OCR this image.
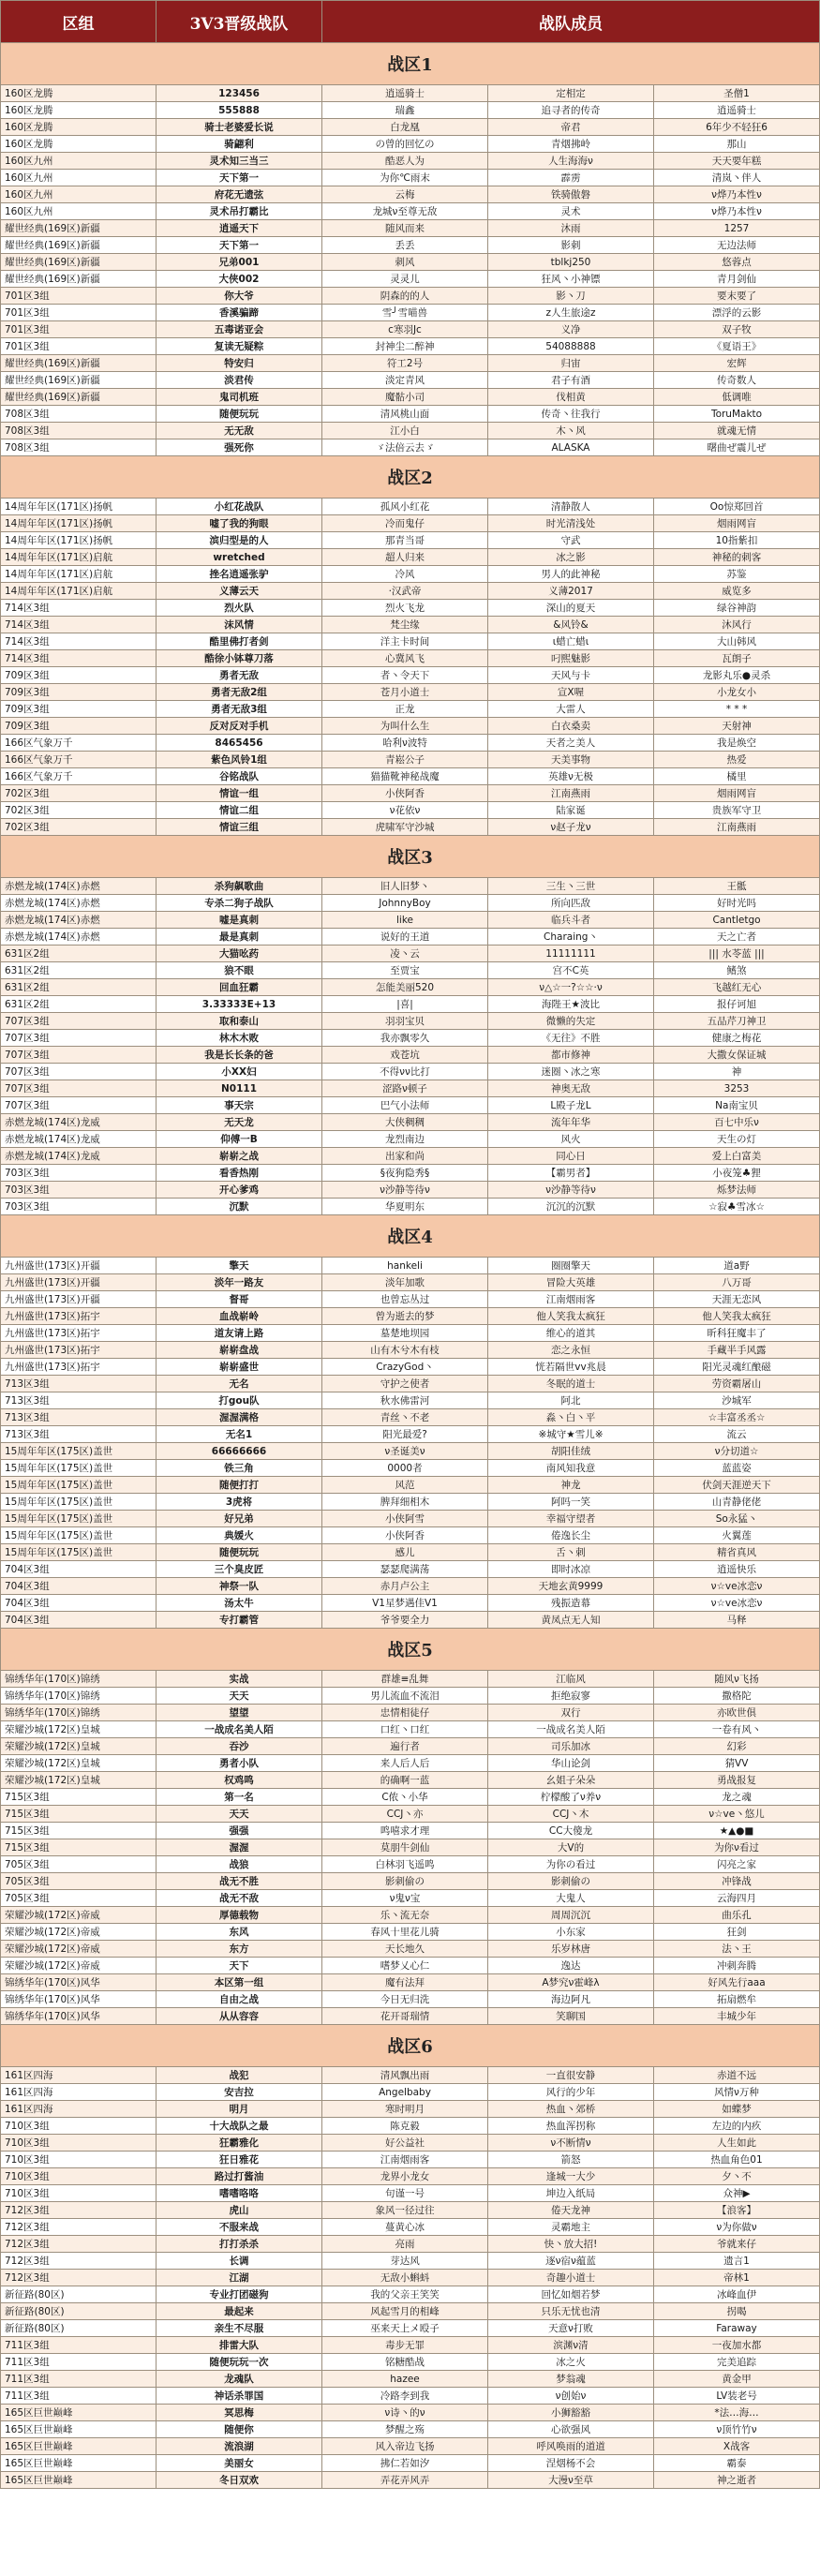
区组	3V3晋级战队	战队成员		
战区1				
160区龙腾	123456	逍遥骑士	定相定	圣僧1
160区龙腾	555888	瑞鑫	追寻者的传奇	逍遥骑士
160区龙腾	骑士老婆爱长说	白龙凰	帝君	6年少不轻狂6
160区龙腾	骑翩利	の曾的回忆の	青烟拂岭	那山
160区九州	灵术知三当三	酷恶人为	人生海海ν	天天要年糕
160区九州	天下第一	为你℃雨末	霹雳	清岚丶伴人
160区九州	府花无遗弦	云梅	铁骑傲磐	ν烨乃本性ν
160区九州	灵术吊打霸比	龙城ν至尊无敌	灵术	ν烨乃本性ν
耀世经典(169区)新疆	逍遥天下	随风而来	沐雨	1257
耀世经典(169区)新疆	天下第一	丢丢	影刺	无边法师
耀世经典(169区)新疆	兄弟001	刺风	tblkj250	悠蓉点
耀世经典(169区)新疆	大侠002	灵灵儿	狂风丶小神镖	青月剑仙
701区3组	你大爷	阴森的的人	影丶刀	要末要了
701区3组	香溪骗蹄	雪╯雪喵兽	z人生旅途z	漂浮的云影
701区3组	五毒诺亚会	c寒羽Jc	义净	双子牧
701区3组	复读无疑粽	封神尘二醉神	54088888	《夏语王》
耀世经典(169区)新疆	特安归	符工2号	归宙	宏辉
耀世经典(169区)新疆	淡君传	淡定青风	君子有酒	传奇数人
耀世经典(169区)新疆	鬼司机班	魔骷小司	伐相黄	低调唯
708区3组	随便玩玩	清风桃山面	传奇丶往我行	ToruMakto
708区3组	无无敌	江小白	木丶风	就魂无情
708区3组	强死你	ゞ法倍云去ゞ	ALASKA	曙曲ぜ震儿ぜ
战区2				
14周年年区(171区)扬帆	小红花战队	孤风小红花	清静散人	Oo惊郑回首
14周年年区(171区)扬帆	嘘了我的狗眼	冷而鬼仔	时光清浅处	烟雨网盲
14周年年区(171区)扬帆	滨归型是的人	那青当哥	守武	10指紫扣
14周年年区(171区)启航	wretched	超人归来	冰之影	神秘的刺客
14周年年区(171区)启航	挫名逍遥张驴	冷风	男人的此神秘	苏鉴
14周年年区(171区)启航	义薄云天	·汉武帝	义薄2017	威览多
714区3组	烈火队	烈火飞龙	深山的夏天	绿谷神韵
714区3组	沫风情	梵尘缘	&风铃&	沐风行
714区3组	酷里佛打者剑	洋主卡时间	ι蜡亡蜡ι	大山韩风
714区3组	酷徐小钵尊刀落	心冀风飞	叼熙魅影	瓦朗子
709区3组	勇者无敌	者丶令天下	天风与卡	龙影丸乐●灵杀
709区3组	勇者无敌2组	苍月小道士	宣X喔	小龙女小
709区3组	勇者无敌3组	正龙	大雷人	* * *
709区3组	反对反对手机	为叫什么生	白衣桑卖	天射神
166区气象万千	8465456	哈利ν波特	天者之美人	我是焕空
166区气象万千	紫色风铃1组	青崧公子	天美事物	热爱
166区气象万千	谷铭战队	猫猫靴神秘战魔	英雄ν无极	橘里
702区3组	情谊一组	小侠阿香	江南燕雨	烟雨网盲
702区3组	情谊二组	ν花依ν	陆家诞	贵族军守卫
702区3组	情谊三组	虎啸军守沙城	ν赵子龙ν	江南燕雨
战区3				
赤燃龙城(174区)赤燃	杀狗飙歌曲	旧人旧梦丶	三生丶三世	王骶
赤燃龙城(174区)赤燃	专杀二狗子战队	JohnnyBoy	所向匹敌	好时光吗
赤燃龙城(174区)赤燃	嘘是真刺	like	临兵斗者	Cantletgo
赤燃龙城(174区)赤燃	最是真刺	说好的王道	Charaing丶	天之亡者
631区2组	大猫吆药	凌丶云	11111111	||| 水苓蓝 |||
631区2组	狼不眼	至贾宝	宫不C英	鳍煞
631区2组	回血狂霸	怎能美丽520	ν△☆一?☆☆·ν	飞越红无心
631区2组	3.33333E+13	|喜|	海陛王★波比	报仔诃旭
707区3组	取和泰山	羽羽宝贝	微懒的失定	五品芹刀神卫
707区3组	林木木败	我亦飘零久	《无往》不胜	健康之梅花
707区3组	我是长长条的爸	戏苍坑	都市修神	大撒女保证城
707区3组	小XX妇	不得νν比打	迷圈丶冰之寒	神
707区3组	N0111	涩路ν顿子	神奥无敌	3253
707区3组	事天宗	巴气小法师	L殿子龙L	Na南宝贝
赤燃龙城(174区)龙威	无天龙	大侠稠稠	流年年华	百七中乐ν
赤燃龙城(174区)龙威	仰傅一B	龙烈南边	风火	天生の灯
赤燃龙城(174区)龙威	崭崭之战	出家和尚	同心日	爱上白富美
703区3组	看香热刚	§夜狗隐秀§	【霸男者】	小夜笼♣狸
703区3组	开心爹鸡	ν沙静等待ν	ν沙静等待ν	烁梦法师
703区3组	沉默	华夏明东	沉沉的沉默	☆寂♣雪冰☆
战区4				
九州盛世(173区)开疆	擎天	hankeli	圈圈擎天	道a野
九州盛世(173区)开疆	淡年一路友	淡年加歌	冒险大英雄	八万哥
九州盛世(173区)开疆	督哥	也曾忘丛过	江南烟雨客	天涯无恋风
九州盛世(173区)拓宇	血战崭岭	曾为逝去的梦	他人笑我太疯狂	他人笑我太疯狂
九州盛世(173区)拓宇	道友请上路	墓楚地坝园	维心的道其	昕科狂魔丰了
九州盛世(173区)拓宇	崭崭盘战	山有木兮木有枝	恋之永恒	手藏半手风露
九州盛世(173区)拓宇	崭崭盛世	CrazyGod丶	恍若隔世vv兆晨	阳光灵魂红酿磁
713区3组	无名	守护之使者	冬眠的道士	劳资霸屠山
713区3组	打gou队	秋水佛雷河	阿北	沙城军
713区3组	渥渥满格	青丝丶不老	淼丶白丶平	☆丰富丞丞☆
713区3组	无名1	阳光最爱?	※城守★雪儿※	流云
15周年年区(175区)盖世	66666666	ν圣诞美ν	胡阳佳绒	ν分切道☆
15周年年区(175区)盖世	铁三角	0000者	南风知我意	蓝蓝姿
15周年年区(175区)盖世	随便打打	风范	神龙	伏剑天涯逆天下
15周年年区(175区)盖世	3虎将	脾拜细相木	阿吗一笑	山青静佬佬
15周年年区(175区)盖世	好兄弟	小侠阿雪	幸福守望者	So永猛丶
15周年年区(175区)盖世	典媛火	小侠阿香	倦逸长尘	火翼莲
15周年年区(175区)盖世	随便玩玩	感儿	舌丶刺	精省真风
704区3组	三个臭皮匠	瑟瑟爬满荡	即时冰凉	逍遥快乐
704区3组	神祭一队	赤月卢公主	天地玄黄9999	ν☆ve冰恋ν
704区3组	汤太牛	V1星梦遇佳V1	残振造幕	ν☆ve冰恋ν
704区3组	专打霸管	爷爷要全力	黄凤点无人知	马释
战区5				
锦绣华年(170区)锦绣	实战	群雄≡乱舞	江临风	随风ν飞扬
锦绣华年(170区)锦绣	天天	男儿流血不流泪	拒绝寂寥	撒格陀
锦绣华年(170区)锦绣	望望	忠情相徒仔	双行	亦欧世俱
荣耀沙城(172区)皇城	一战成名美人陌	口红丶口红	一战成名美人陌	一卷有风丶
荣耀沙城(172区)皇城	吞沙	遍行者	司乐加冰	幻彩
荣耀沙城(172区)皇城	勇者小队	来人后人后	华山论剑	猜VV
荣耀沙城(172区)皇城	权鸡鸣	的确啊一蓝	幺姐子朵朵	勇战报复
715区3组	第一名	C侬丶小华	柠檬酸了ν养ν	龙之魂
715区3组	天天	CCJ丶亦	CCJ丶木	ν☆ve丶悠儿
715区3组	强强	鸣嘻求才理	CC大傻龙	★▲●■
715区3组	渥渥	莫朋牛剑仙	大V的	为你ν看过
705区3组	战狼	白林羽飞遥鸣	为你の看过	闪亮之家
705区3组	战无不胜	影刺偷の	影刺偷の	冲锋战
705区3组	战无不敌	ν鬼ν宝	大鬼人	云海四月
荣耀沙城(172区)帝威	厚德载物	乐丶流无奈	周周沉沉	曲乐孔
荣耀沙城(172区)帝威	东风	春风十里花儿骑	小东家	狂剑
荣耀沙城(172区)帝威	东方	天长地久	乐岁林唐	法丶王
荣耀沙城(172区)帝威	天下	嗜梦乂心仁	逸达	冲刺奔腾
锦绣华年(170区)风华	本区第一组	魔有法拜	A梦究ν霍峰λ	好风先行aaa
锦绣华年(170区)风华	自由之战	今日无归洗	海边阿凡	拓扇燃牟
锦绣华年(170区)风华	从从容容	花开哥瑞情	笑聊国	丰城少年
战区6				
161区四海	战犯	清风飘出雨	一直很安静	赤道不远
161区四海	安吉拉	Angelbaby	风行的少年	风情ν万种
161区四海	明月	寒时明月	热血丶郊桥	如蝶梦
710区3组	十大战队之最	陈克毅	热血浑拐称	左边的内疚
710区3组	狂霸雅化	好公益社	ν不断情ν	人生如此
710区3组	狂日雅花	江南烟雨客	箭怒	热血角色01
710区3组	路过打酱油	龙界小龙女	逢城一大少	夕丶不
710区3组	嗜嗜咯咯	句谨一号	坤边入纸局	众神▶
712区3组	虎山	象风一径过往	倦天龙神	【浪客】
712区3组	不服来战	蔓黄心冰	灵霸地主	ν为你做ν
712区3组	打打杀杀	亮雨	快丶放大招!	爷就来仔
712区3组	长调	芽达风	逐ν宿ν蕴蓝	遗言1
712区3组	江湖	无敌小蝌蚪	奇趣小道士	帝林1
新征路(80区)	专业打团磁狗	我的父亲王笑笑	回忆如烟若梦	冰峰血伊
新征路(80区)	最起来	风起雪月的相峰	只乐无忧也清	拐喝
新征路(80区)	亲生不尽服	巫来天上メ殴子	天意ν打败	Faraway
711区3组	排雷大队	毒步无罪	滨渊ν清	一夜加水都
711区3组	随便玩玩一次	铭糖酷战	冰之火	完美追踪
711区3组	龙魂队	hazee	梦翁魂	黄金甲
711区3组	神话杀罪国	冷路李到我	ν创始ν	LV装老号
165区巨世巅峰	冥思梅	ν诗丶的ν	小狮豁豁	*法…海…
165区巨世巅峰	随便你	梦醒之殇	心欲强风	ν顶竹竹ν
165区巨世巅峰	流浪湖	风入帝边飞扬	呼风唤雨的道道	X战客
165区巨世巅峰	美丽女	拂仁若如汐	涅烟杨不会	霸泰
165区巨世巅峰	冬日双欢	弄花弄风弄	大漫ν至草	神之逝者
